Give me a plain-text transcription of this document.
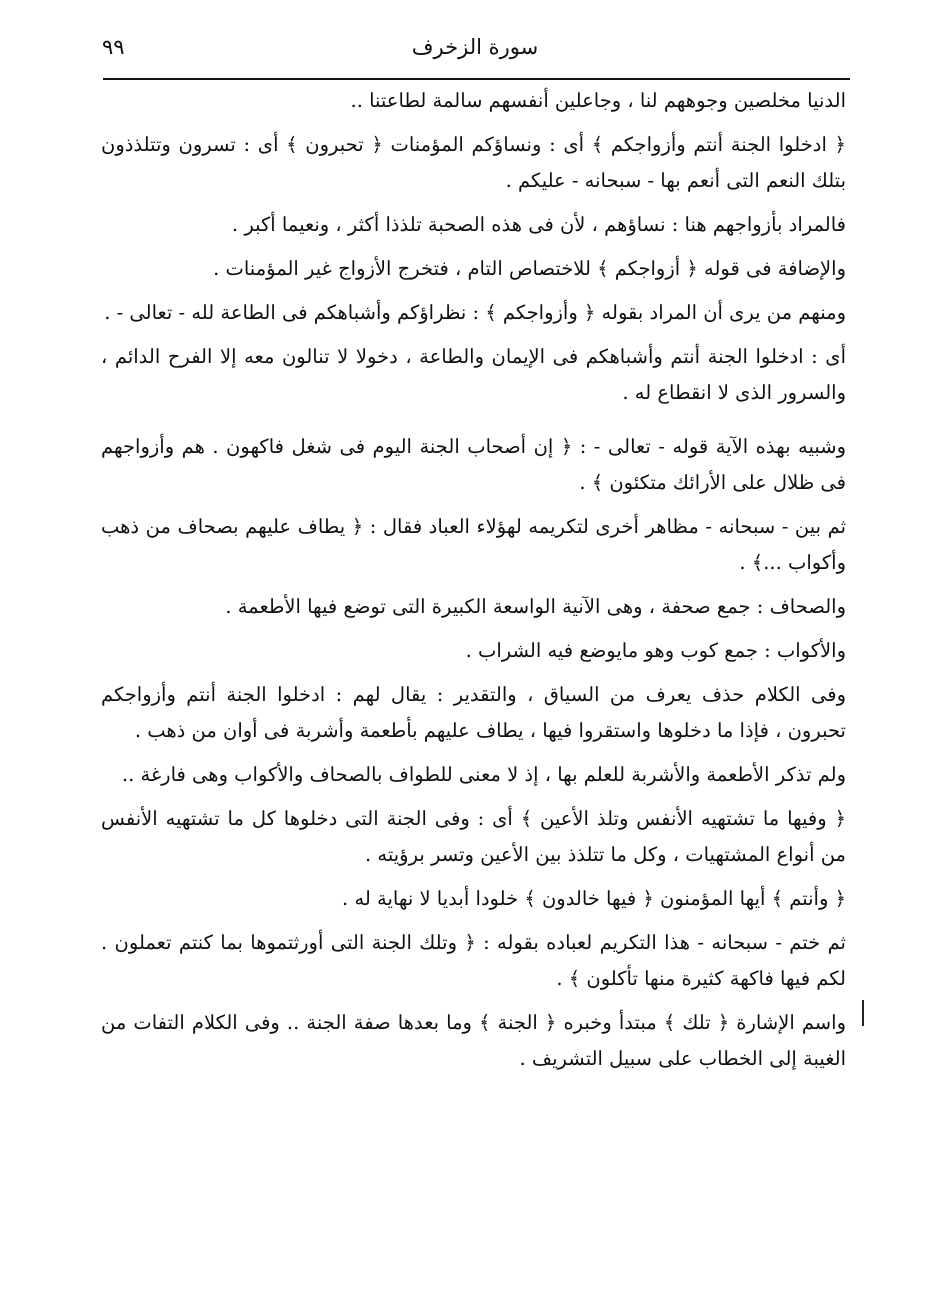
سورة الزخرف
٩٩

الدنيا مخلصين وجوههم لنا ، وجاعلين أنفسهم سالمة لطاعتنا ..

﴿ ادخلوا الجنة أنتم وأزواجكم ﴾ أى : ونساؤكم المؤمنات ﴿ تحبرون ﴾ أى : تسرون وتتلذذون بتلك النعم التى أنعم بها - سبحانه - عليكم .

فالمراد بأزواجهم هنا : نساؤهم ، لأن فى هذه الصحبة تلذذا أكثر ، ونعيما أكبر .

والإضافة فى قوله ﴿ أزواجكم ﴾ للاختصاص التام ، فتخرج الأزواج غير المؤمنات .

ومنهم من يرى أن المراد بقوله ﴿ وأزواجكم ﴾ : نظراؤكم وأشباهكم فى الطاعة لله - تعالى - .

أى : ادخلوا الجنة أنتم وأشباهكم فى الإيمان والطاعة ، دخولا لا تنالون معه إلا الفرح الدائم ، والسرور الذى لا انقطاع له .

وشبيه بهذه الآية قوله - تعالى - : ﴿ إن أصحاب الجنة اليوم فى شغل فاكهون . هم وأزواجهم فى ظلال على الأرائك متكئون ﴾ .

ثم بين - سبحانه - مظاهر أخرى لتكريمه لهؤلاء العباد فقال : ﴿ يطاف عليهم بصحاف من ذهب وأكواب ...﴾ .

والصحاف : جمع صحفة ، وهى الآنية الواسعة الكبيرة التى توضع فيها الأطعمة .

والأكواب : جمع كوب وهو مايوضع فيه الشراب .

وفى الكلام حذف يعرف من السياق ، والتقدير : يقال لهم : ادخلوا الجنة أنتم وأزواجكم تحبرون ، فإذا ما دخلوها واستقروا فيها ، يطاف عليهم بأطعمة وأشربة فى أوان من ذهب .

ولم تذكر الأطعمة والأشربة للعلم بها ، إذ لا معنى للطواف بالصحاف والأكواب وهى فارغة ..

﴿ وفيها ما تشتهيه الأنفس وتلذ الأعين ﴾ أى : وفى الجنة التى دخلوها كل ما تشتهيه الأنفس من أنواع المشتهيات ، وكل ما تتلذذ بين الأعين وتسر برؤيته .

﴿ وأنتم ﴾ أيها المؤمنون ﴿ فيها خالدون ﴾ خلودا أبديا لا نهاية له .

ثم ختم - سبحانه - هذا التكريم لعباده بقوله : ﴿ وتلك الجنة التى أورثتموها بما كنتم تعملون . لكم فيها فاكهة كثيرة منها تأكلون ﴾ .

واسم الإشارة ﴿ تلك ﴾ مبتدأ وخبره ﴿ الجنة ﴾ وما بعدها صفة الجنة .. وفى الكلام التفات من الغيبة إلى الخطاب على سبيل التشريف .
